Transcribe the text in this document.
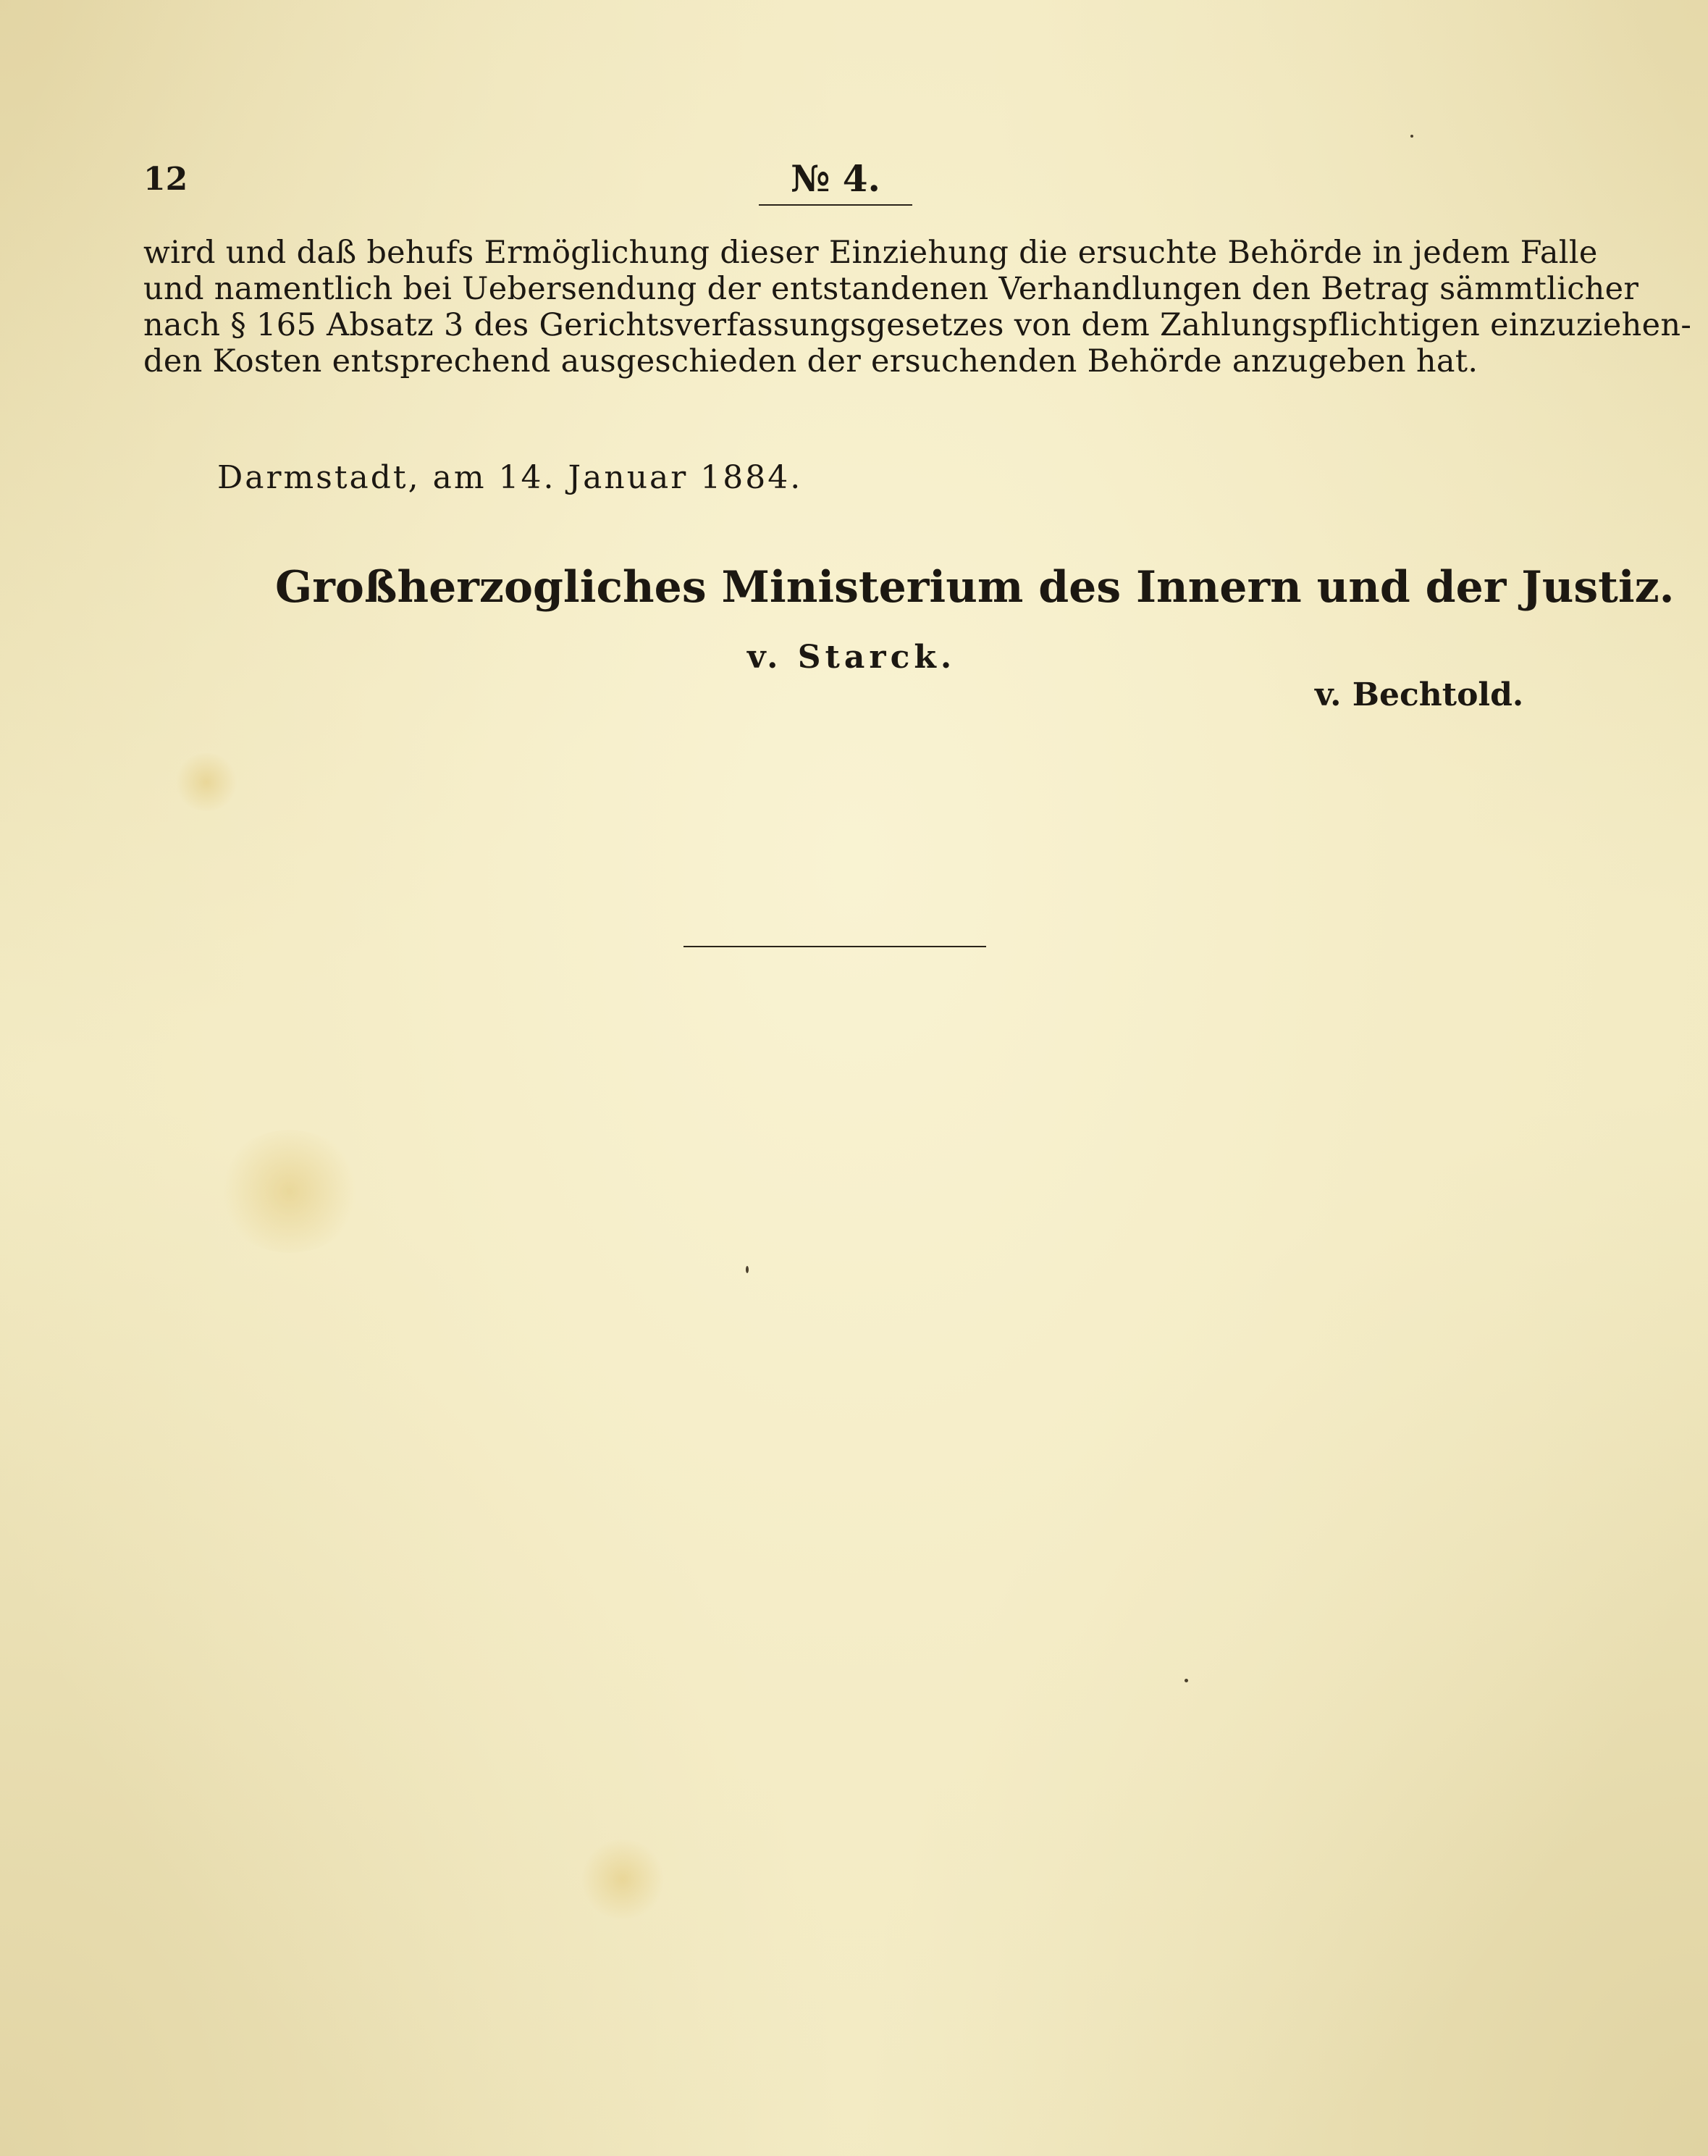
12	№ 4.
wird und daß behufs Ermöglichung dieser Einziehung die ersuchte Behörde in jedem Falle
und namentlich bei Uebersendung der entstandenen Verhandlungen den Betrag sämmtlicher
nach § 165 Absatz 3 des Gerichtsverfassungsgesetzes von dem Zahlungspflichtigen einzuziehen-
den Kosten entsprechend ausgeschieden der ersuchenden Behörde anzugeben hat.
Darmstadt, am 14. Januar 1884.
Großherzogliches Ministerium des Innern und der Justiz.
v. Starck.
v. Bechtold.
